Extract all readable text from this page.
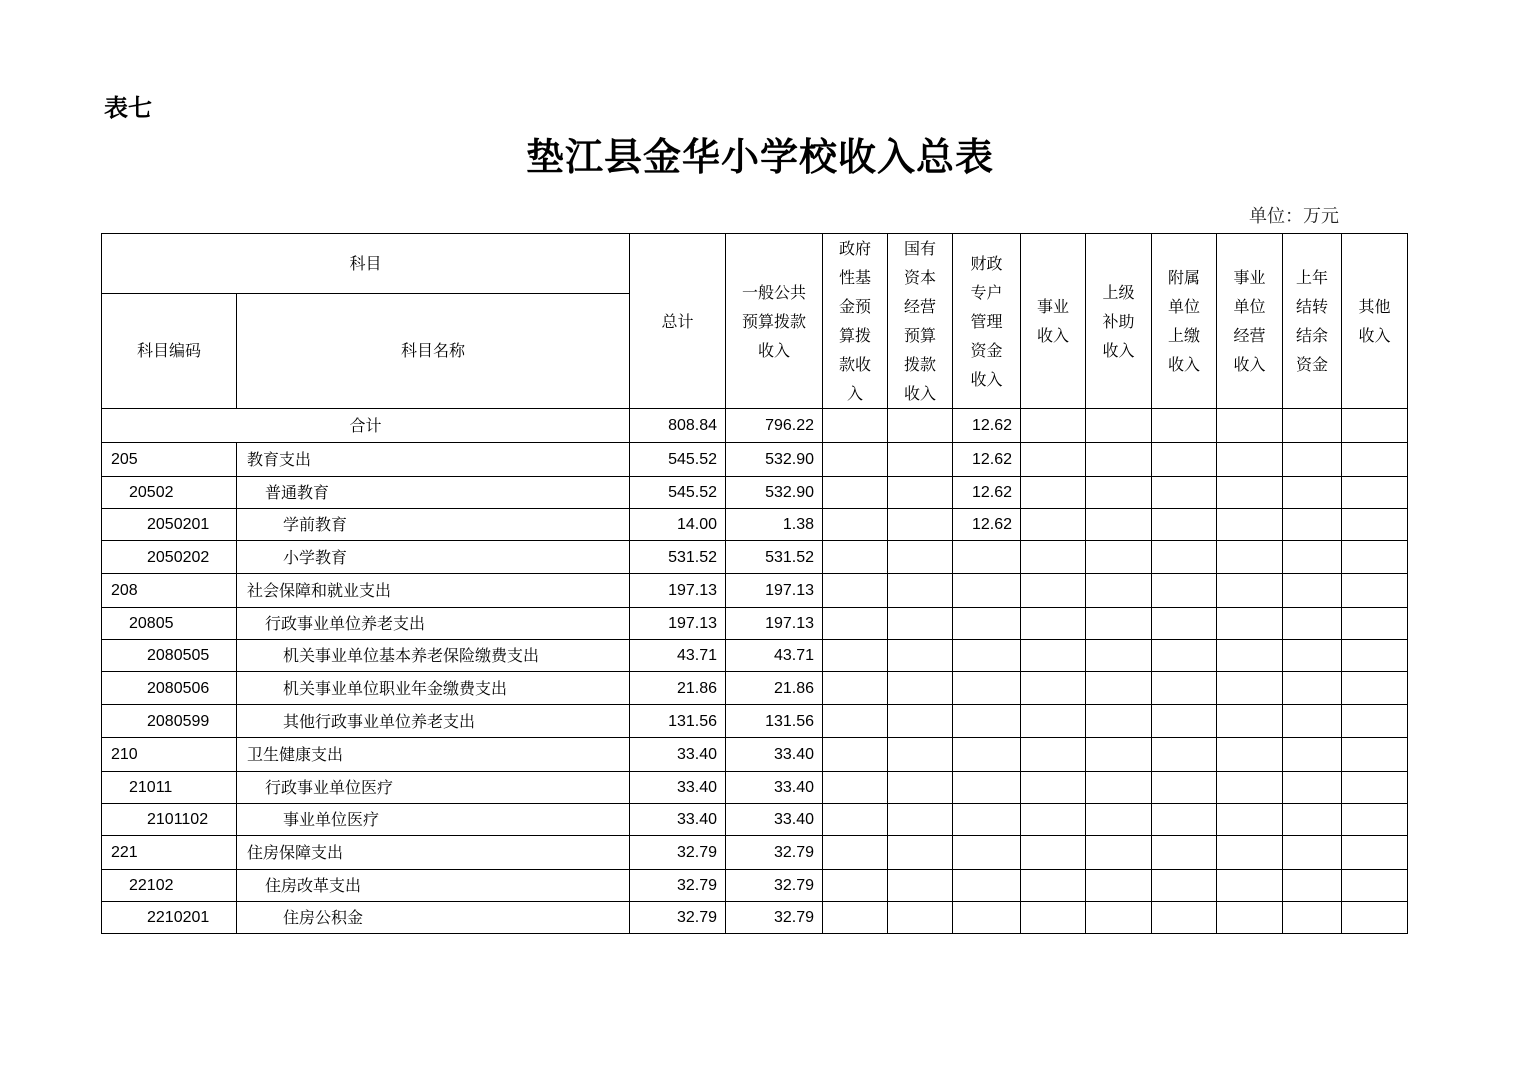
表七
垫江县金华小学校收入总表
单位：万元
科目		总计	一般公共预算拨款收入	政府性基金预算拨款收入	国有资本经营预算拨款收入	财政专户管理资金收入	事业收入	上级补助收入	附属单位上缴收入	事业单位经营收入	上年结转结余资金	其他收入
科目编码	科目名称											
合计		808.84	796.22			12.62						
205	教育支出	545.52	532.90			12.62						
20502	普通教育	545.52	532.90			12.62						
2050201	学前教育	14.00	1.38			12.62						
2050202	小学教育	531.52	531.52									
208	社会保障和就业支出	197.13	197.13									
20805	行政事业单位养老支出	197.13	197.13									
2080505	机关事业单位基本养老保险缴费支出	43.71	43.71									
2080506	机关事业单位职业年金缴费支出	21.86	21.86									
2080599	其他行政事业单位养老支出	131.56	131.56									
210	卫生健康支出	33.40	33.40									
21011	行政事业单位医疗	33.40	33.40									
2101102	事业单位医疗	33.40	33.40									
221	住房保障支出	32.79	32.79									
22102	住房改革支出	32.79	32.79									
2210201	住房公积金	32.79	32.79									
